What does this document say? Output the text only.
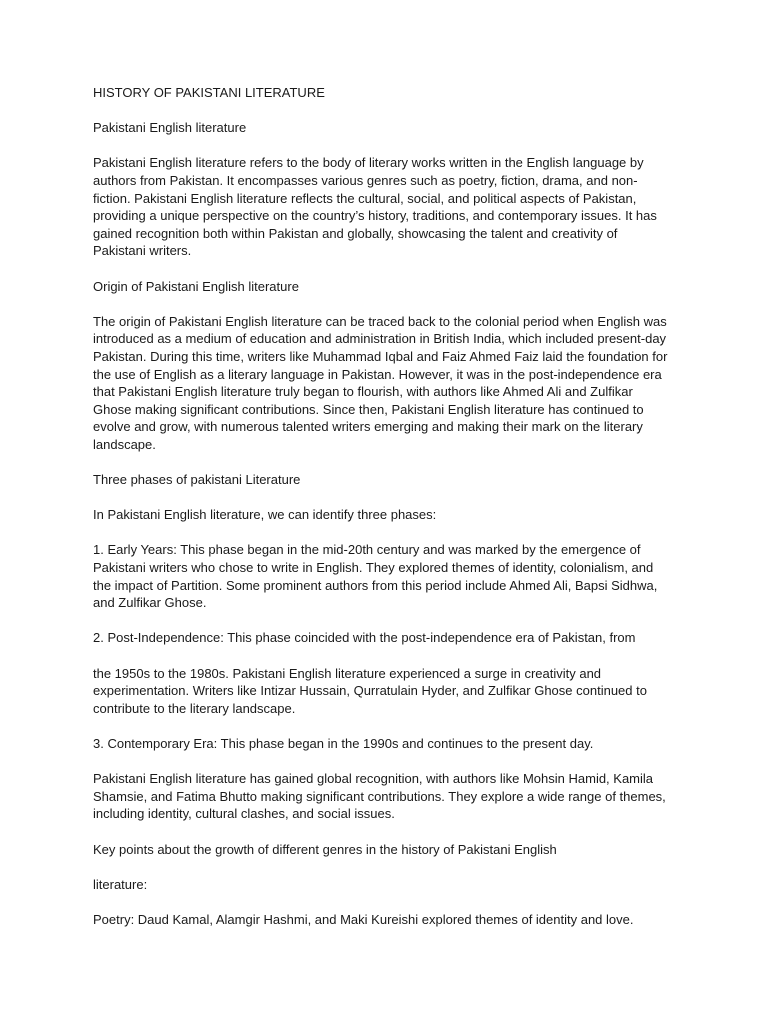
HISTORY OF PAKISTANI LITERATURE

Pakistani English literature

Pakistani English literature refers to the body of literary works written in the English language by authors from Pakistan. It encompasses various genres such as poetry, fiction, drama, and non-fiction. Pakistani English literature reflects the cultural, social, and political aspects of Pakistan, providing a unique perspective on the country’s history, traditions, and contemporary issues. It has gained recognition both within Pakistan and globally, showcasing the talent and creativity of Pakistani writers.

Origin of Pakistani English literature

The origin of Pakistani English literature can be traced back to the colonial period when English was introduced as a medium of education and administration in British India, which included present-day Pakistan. During this time, writers like Muhammad Iqbal and Faiz Ahmed Faiz laid the foundation for the use of English as a literary language in Pakistan. However, it was in the post-independence era that Pakistani English literature truly began to flourish, with authors like Ahmed Ali and Zulfikar Ghose making significant contributions. Since then, Pakistani English literature has continued to evolve and grow, with numerous talented writers emerging and making their mark on the literary landscape.

Three phases of pakistani Literature

In Pakistani English literature, we can identify three phases:

1. Early Years: This phase began in the mid-20th century and was marked by the emergence of Pakistani writers who chose to write in English. They explored themes of identity, colonialism, and the impact of Partition. Some prominent authors from this period include Ahmed Ali, Bapsi Sidhwa, and Zulfikar Ghose.

2. Post-Independence: This phase coincided with the post-independence era of Pakistan, from

the 1950s to the 1980s. Pakistani English literature experienced a surge in creativity and experimentation. Writers like Intizar Hussain, Qurratulain Hyder, and Zulfikar Ghose continued to contribute to the literary landscape.

3. Contemporary Era: This phase began in the 1990s and continues to the present day.

Pakistani English literature has gained global recognition, with authors like Mohsin Hamid, Kamila Shamsie, and Fatima Bhutto making significant contributions. They explore a wide range of themes, including identity, cultural clashes, and social issues.

Key points about the growth of different genres in the history of Pakistani English

literature:

Poetry: Daud Kamal, Alamgir Hashmi, and Maki Kureishi explored themes of identity and love.
